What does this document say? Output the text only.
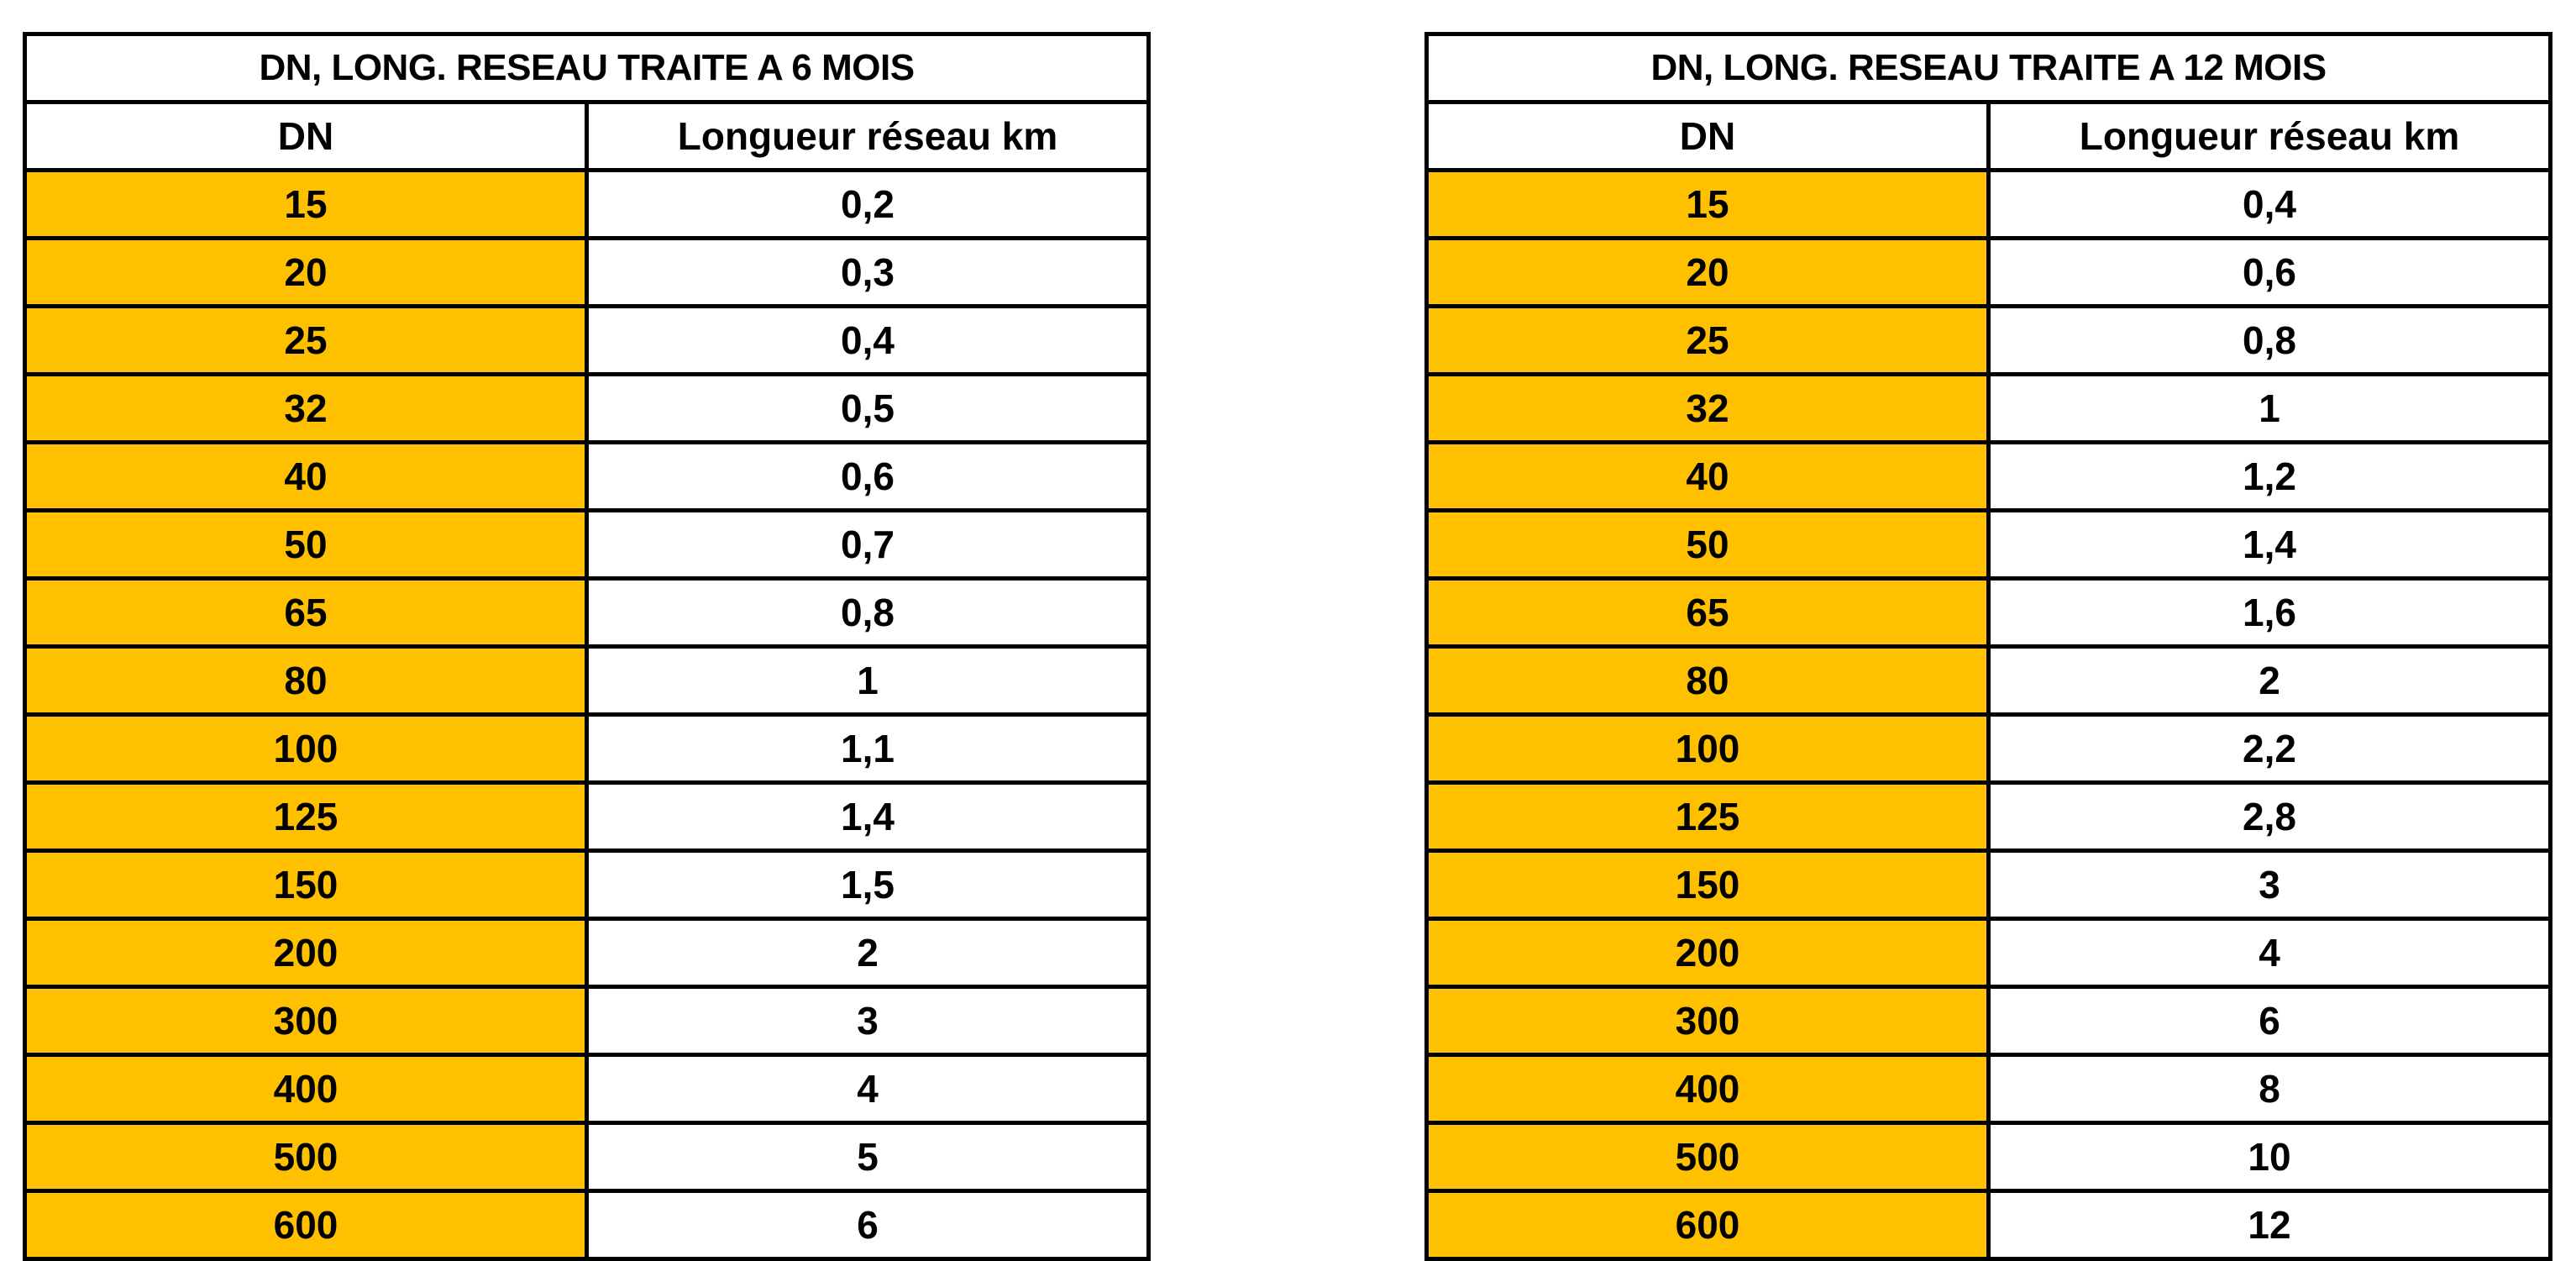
DN, LONG. RESEAU TRAITE A 6 MOIS	
DN	Longueur réseau km
15	0,2
20	0,3
25	0,4
32	0,5
40	0,6
50	0,7
65	0,8
80	1
100	1,1
125	1,4
150	1,5
200	2
300	3
400	4
500	5
600	6
DN, LONG. RESEAU TRAITE A 12 MOIS	
DN	Longueur réseau km
15	0,4
20	0,6
25	0,8
32	1
40	1,2
50	1,4
65	1,6
80	2
100	2,2
125	2,8
150	3
200	4
300	6
400	8
500	10
600	12
